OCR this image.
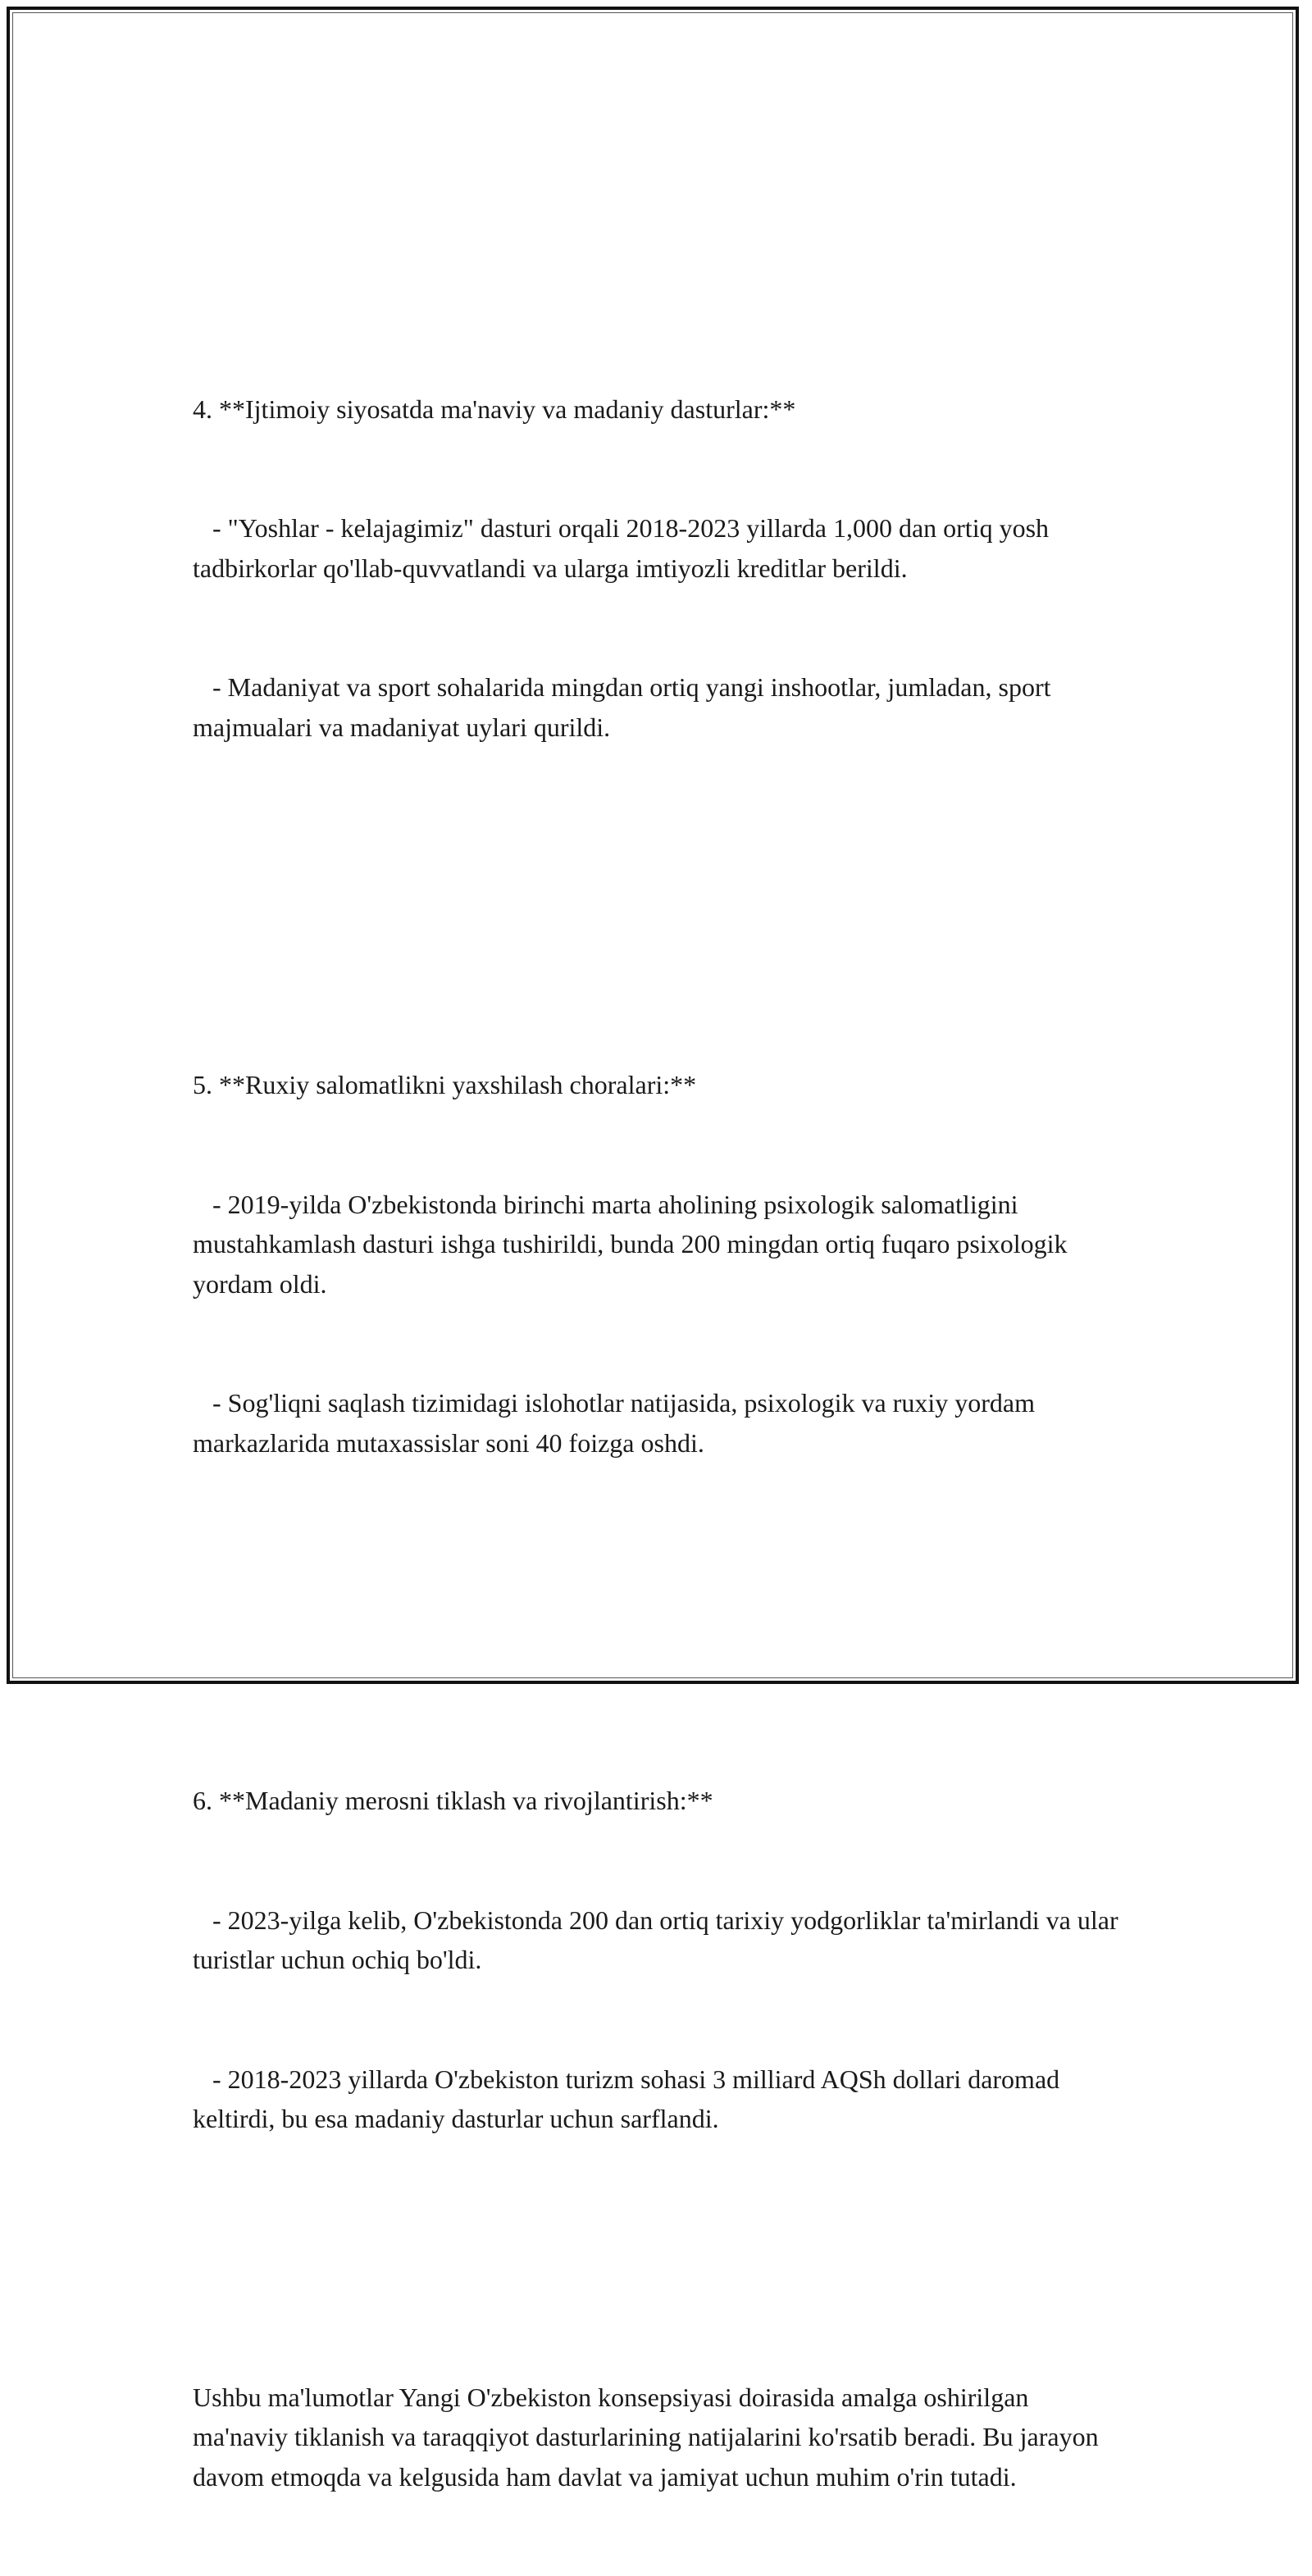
4. **Ijtimoiy siyosatda ma'naviy va madaniy dasturlar:**

- "Yoshlar - kelajagimiz" dasturi orqali 2018-2023 yillarda 1,000 dan ortiq yosh tadbirkorlar qo'llab-quvvatlandi va ularga imtiyozli kreditlar berildi.

- Madaniyat va sport sohalarida mingdan ortiq yangi inshootlar, jumladan, sport majmualari va madaniyat uylari qurildi.

5. **Ruxiy salomatlikni yaxshilash choralari:**

- 2019-yilda O'zbekistonda birinchi marta aholining psixologik salomatligini mustahkamlash dasturi ishga tushirildi, bunda 200 mingdan ortiq fuqaro psixologik yordam oldi.

- Sog'liqni saqlash tizimidagi islohotlar natijasida, psixologik va ruxiy yordam markazlarida mutaxassislar soni 40 foizga oshdi.

6. **Madaniy merosni tiklash va rivojlantirish:**

- 2023-yilga kelib, O'zbekistonda 200 dan ortiq tarixiy yodgorliklar ta'mirlandi va ular turistlar uchun ochiq bo'ldi.

- 2018-2023 yillarda O'zbekiston turizm sohasi 3 milliard AQSh dollari daromad keltirdi, bu esa madaniy dasturlar uchun sarflandi.

Ushbu ma'lumotlar Yangi O'zbekiston konsepsiyasi doirasida amalga oshirilgan ma'naviy tiklanish va taraqqiyot dasturlarining natijalarini ko'rsatib beradi. Bu jarayon davom etmoqda va kelgusida ham davlat va jamiyat uchun muhim o'rin tutadi.
